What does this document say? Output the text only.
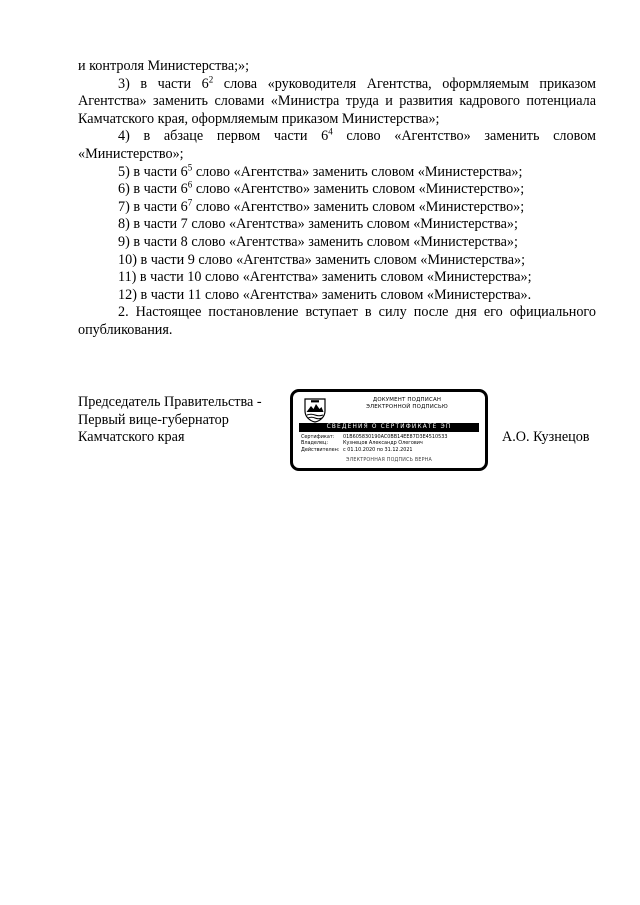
и контроля Министерства;»;

3) в части $6^2$ слова «руководителя Агентства, оформляемым приказом Агентства» заменить словами «Министра труда и развития кадрового потенциала Камчатского края, оформляемым приказом Министерства»;

4) в абзаце первом части $6^4$ слово «Агентство» заменить словом «Министерство»;

5) в части $6^5$ слово «Агентства» заменить словом «Министерства»;

6) в части $6^6$ слово «Агентство» заменить словом «Министерство»;

7) в части $6^7$ слово «Агентство» заменить словом «Министерство»;

8) в части 7 слово «Агентства» заменить словом «Министерства»;

9) в части 8 слово «Агентства» заменить словом «Министерства»;

10) в части 9 слово «Агентства» заменить словом «Министерства»;

11) в части 10 слово «Агентства» заменить словом «Министерства»;

12) в части 11 слово «Агентства» заменить словом «Министерства».

2. Настоящее постановление вступает в силу после дня его официального опубликования.

Председатель Правительства -
Первый вице-губернатор
Камчатского края
ДОКУМЕНТ ПОДПИСАН
ЭЛЕКТРОННОЙ ПОДПИСЬЮ
СВЕДЕНИЯ О СЕРТИФИКАТЕ ЭП
Сертификат: 01B605830190AC0BB14EE87D3E4510533
Владелец:	Кузнецов Александр Олегович
Действителен: с 01.10.2020 по 31.12.2021
ЭЛЕКТРОННАЯ ПОДПИСЬ ВЕРНА
А.О. Кузнецов
